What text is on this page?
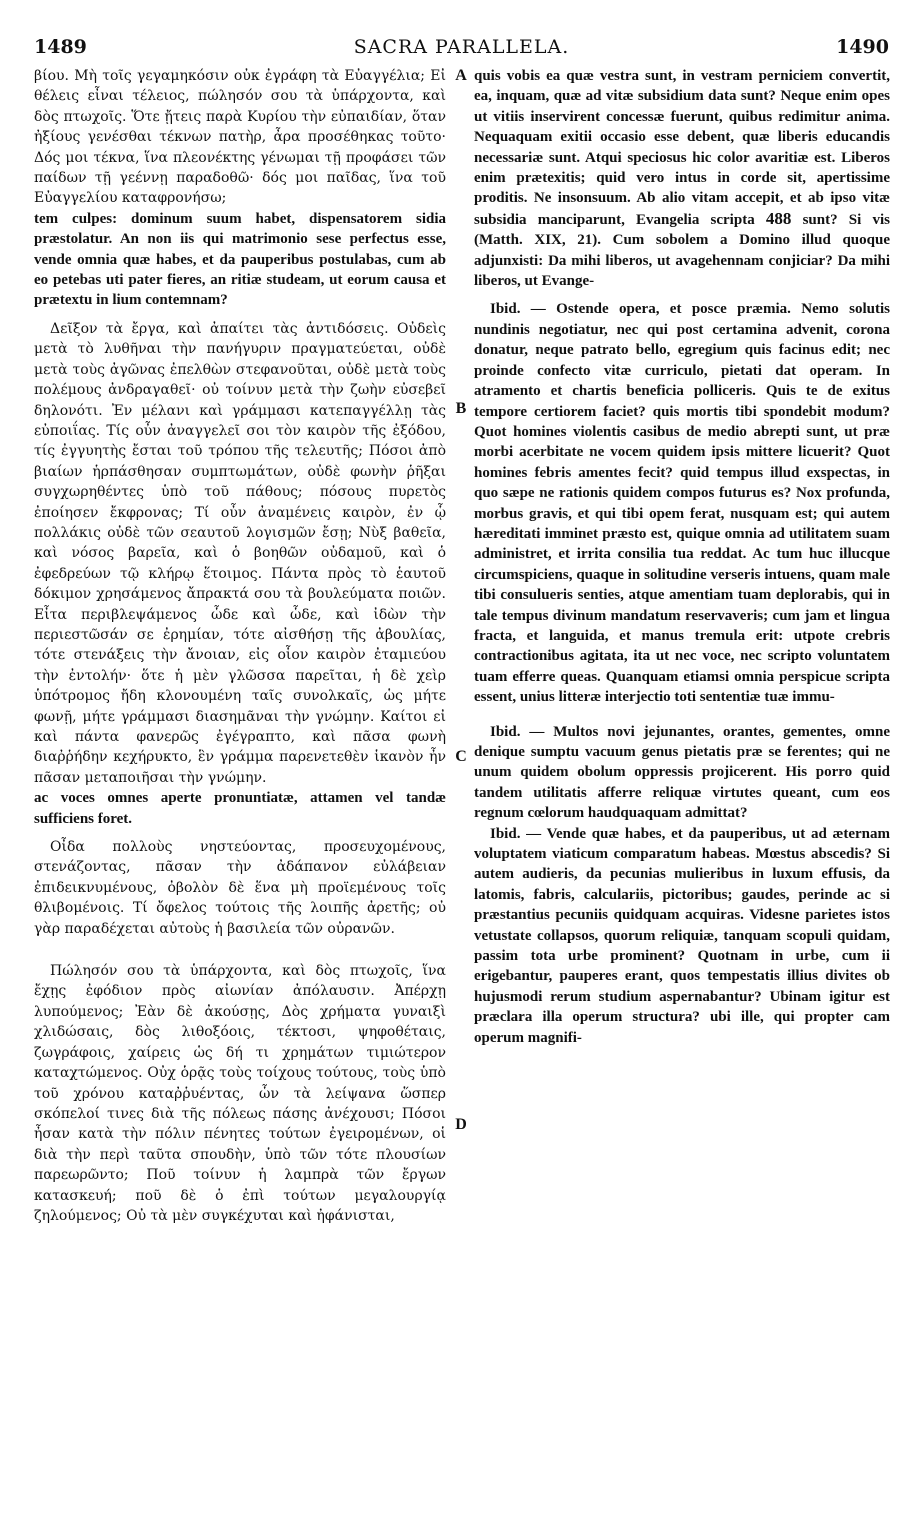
1489	SACRA PARALLELA.	1490
A
B
C
D

βίου. Μὴ τοῖς γεγαμηκόσιν οὐκ ἐγράφη τὰ Εὐαγγέλια; Εἰ θέλεις εἶναι τέλειος, πώλησόν σου τὰ ὑπάρχοντα, καὶ δὸς πτωχοῖς. Ὅτε ᾔτεις παρὰ Κυρίου τὴν εὐπαιδίαν, ὅταν ἠξίους γενέσθαι τέκνων πατὴρ, ἆρα προσέθηκας τοῦτο· Δός μοι τέκνα, ἵνα πλεονέκτης γένωμαι τῇ προφάσει τῶν παίδων τῇ γεέννῃ παραδοθῶ· δός μοι παῖδας, ἵνα τοῦ Εὐαγγελίου καταφρονήσω;

tem culpes: dominum suum habet, dispensatorem sidia præstolatur. An non iis qui matrimonio sese perfectus esse, vende omnia quæ habes, et da pauperibus postulabas, cum ab eo petebas uti pater fieres, an ritiæ studeam, ut eorum causa et prætextu in lium contemnam?

Δεῖξον τὰ ἔργα, καὶ ἀπαίτει τὰς ἀντιδόσεις. Οὐδεὶς μετὰ τὸ λυθῆναι τὴν πανήγυριν πραγματεύεται, οὐδὲ μετὰ τοὺς ἀγῶνας ἐπελθὼν στεφανοῦται, οὐδὲ μετὰ τοὺς πολέμους ἀνδραγαθεῖ· οὐ τοίνυν μετὰ τὴν ζωὴν εὐσεβεῖ δηλονότι. Ἐν μέλανι καὶ γράμμασι κατεπαγγέλλῃ τὰς εὐποιΐας. Τίς οὖν ἀναγγελεῖ σοι τὸν καιρὸν τῆς ἐξόδου, τίς ἐγγυητὴς ἔσται τοῦ τρόπου τῆς τελευτῆς; Πόσοι ἀπὸ βιαίων ἡρπάσθησαν συμπτωμάτων, οὐδὲ φωνὴν ῥῆξαι συγχωρηθέντες ὑπὸ τοῦ πάθους; πόσους πυρετὸς ἐποίησεν ἔκφρονας; Τί οὖν ἀναμένεις καιρὸν, ἐν ᾧ πολλάκις οὐδὲ τῶν σεαυτοῦ λογισμῶν ἔσῃ; Νὺξ βαθεῖα, καὶ νόσος βαρεῖα, καὶ ὁ βοηθῶν οὐδαμοῦ, καὶ ὁ ἐφεδρεύων τῷ κλήρῳ ἕτοιμος. Πάντα πρὸς τὸ ἑαυτοῦ δόκιμον χρησάμενος ἄπρακτά σου τὰ βουλεύματα ποιῶν. Εἶτα περιβλεψάμενος ὧδε καὶ ὧδε, καὶ ἰδὼν τὴν περιεστῶσάν σε ἐρημίαν, τότε αἰσθήσῃ τῆς ἀβουλίας, τότε στενάξεις τὴν ἄνοιαν, εἰς οἷον καιρὸν ἐταμιεύου τὴν ἐντολήν· ὅτε ἡ μὲν γλῶσσα παρεῖται, ἡ δὲ χεὶρ ὑπότρομος ἤδη κλονουμένη ταῖς συνολκαῖς, ὡς μήτε φωνῇ, μήτε γράμμασι διασημᾶναι τὴν γνώμην. Καίτοι εἰ καὶ πάντα φανερῶς ἐγέγραπτο, καὶ πᾶσα φωνὴ διαῤῥήδην κεχήρυκτο, ἓν γράμμα παρενετεθὲν ἱκανὸν ἦν πᾶσαν μεταποιῆσαι τὴν γνώμην.

ac voces omnes aperte pronuntiatæ, attamen vel tandæ sufficiens foret.

Οἶδα πολλοὺς νηστεύοντας, προσευχομένους, στενάζοντας, πᾶσαν τὴν ἀδάπανον εὐλάβειαν ἐπιδεικνυμένους, ὀβολὸν δὲ ἕνα μὴ προϊεμένους τοῖς θλιβομένοις. Τί ὄφελος τούτοις τῆς λοιπῆς ἀρετῆς; οὐ γὰρ παραδέχεται αὐτοὺς ἡ βασιλεία τῶν οὐρανῶν.

Πώλησόν σου τὰ ὑπάρχοντα, καὶ δὸς πτωχοῖς, ἵνα ἔχῃς ἐφόδιον πρὸς αἰωνίαν ἀπόλαυσιν. Ἀπέρχῃ λυπούμενος; Ἐὰν δὲ ἀκούσῃς, Δὸς χρήματα γυναιξὶ χλιδώσαις, δὸς λιθοξόοις, τέκτοσι, ψηφοθέταις, ζωγράφοις, χαίρεις ὡς δή τι χρημάτων τιμιώτερον καταχτώμενος. Οὐχ ὁρᾷς τοὺς τοίχους τούτους, τοὺς ὑπὸ τοῦ χρόνου καταῤῥυέντας, ὧν τὰ λείψανα ὥσπερ σκόπελοί τινες διὰ τῆς πόλεως πάσης ἀνέχουσι; Πόσοι ἦσαν κατὰ τὴν πόλιν πένητες τούτων ἐγειρομένων, οἱ διὰ τὴν περὶ ταῦτα σπουδὴν, ὑπὸ τῶν τότε πλουσίων παρεωρῶντο; Ποῦ τοίνυν ἡ λαμπρὰ τῶν ἔργων κατασκευή; ποῦ δὲ ὁ ἐπὶ τούτων μεγαλουργίᾳ ζηλούμενος; Οὐ τὰ μὲν συγκέχυται καὶ ἠφάνισται,

quis vobis ea quæ vestra sunt, in vestram perniciem convertit, ea, inquam, quæ ad vitæ subsidium data sunt? Neque enim opes ut vitiis inservirent concessæ fuerunt, quibus redimitur anima. Nequaquam exitii occasio esse debent, quæ liberis educandis necessariæ sunt. Atqui speciosus hic color avaritiæ est. Liberos enim prætexitis; quid vero intus in corde sit, apertissime proditis. Ne insonsuum. Ab alio vitam accepit, et ab ipso vitæ subsidia manciparunt, Evangelia scripta 488 sunt? Si vis (Matth. XIX, 21). Cum sobolem a Domino illud quoque adjunxisti: Da mihi liberos, ut avagehennam conjiciar? Da mihi liberos, ut Evange-

Ibid. — Ostende opera, et posce præmia. Nemo solutis nundinis negotiatur, nec qui post certamina advenit, corona donatur, neque patrato bello, egregium quis facinus edit; nec proinde confecto vitæ curriculo, pietati dat operam. In atramento et chartis beneficia polliceris. Quis te de exitus tempore certiorem faciet? quis mortis tibi spondebit modum? Quot homines violentis casibus de medio abrepti sunt, ut præ morbi acerbitate ne vocem quidem ipsis mittere licuerit? Quot homines febris amentes fecit? quid tempus illud exspectas, in quo sæpe ne rationis quidem compos futurus es? Nox profunda, morbus gravis, et qui tibi opem ferat, nusquam est; qui autem hæreditati imminet præsto est, quique omnia ad utilitatem suam administret, et irrita consilia tua reddat. Ac tum huc illucque circumspiciens, quaque in solitudine verseris intuens, quam male tibi consulueris senties, atque amentiam tuam deplorabis, qui in tale tempus divinum mandatum reservaveris; cum jam et lingua fracta, et languida, et manus tremula erit: utpote crebris contractionibus agitata, ita ut nec voce, nec scripto voluntatem tuam efferre queas. Quanquam etiamsi omnia perspicue scripta essent, unius litteræ interjectio toti sententiæ tuæ immu-

Ibid. — Multos novi jejunantes, orantes, gementes, omne denique sumptu vacuum genus pietatis præ se ferentes; qui ne unum quidem obolum oppressis projicerent. His porro quid tandem utilitatis afferre reliquæ virtutes queant, cum eos regnum cœlorum haudquaquam admittat?

Ibid. — Vende quæ habes, et da pauperibus, ut ad æternam voluptatem viaticum comparatum habeas. Mœstus abscedis? Si autem audieris, da pecunias mulieribus in luxum effusis, da latomis, fabris, calculariis, pictoribus; gaudes, perinde ac si præstantius pecuniis quidquam acquiras. Videsne parietes istos vetustate collapsos, quorum reliquiæ, tanquam scopuli quidam, passim tota urbe prominent? Quotnam in urbe, cum ii erigebantur, pauperes erant, quos tempestatis illius divites ob hujusmodi rerum studium aspernabantur? Ubinam igitur est præclara illa operum structura? ubi ille, qui propter cam operum magnifi-
